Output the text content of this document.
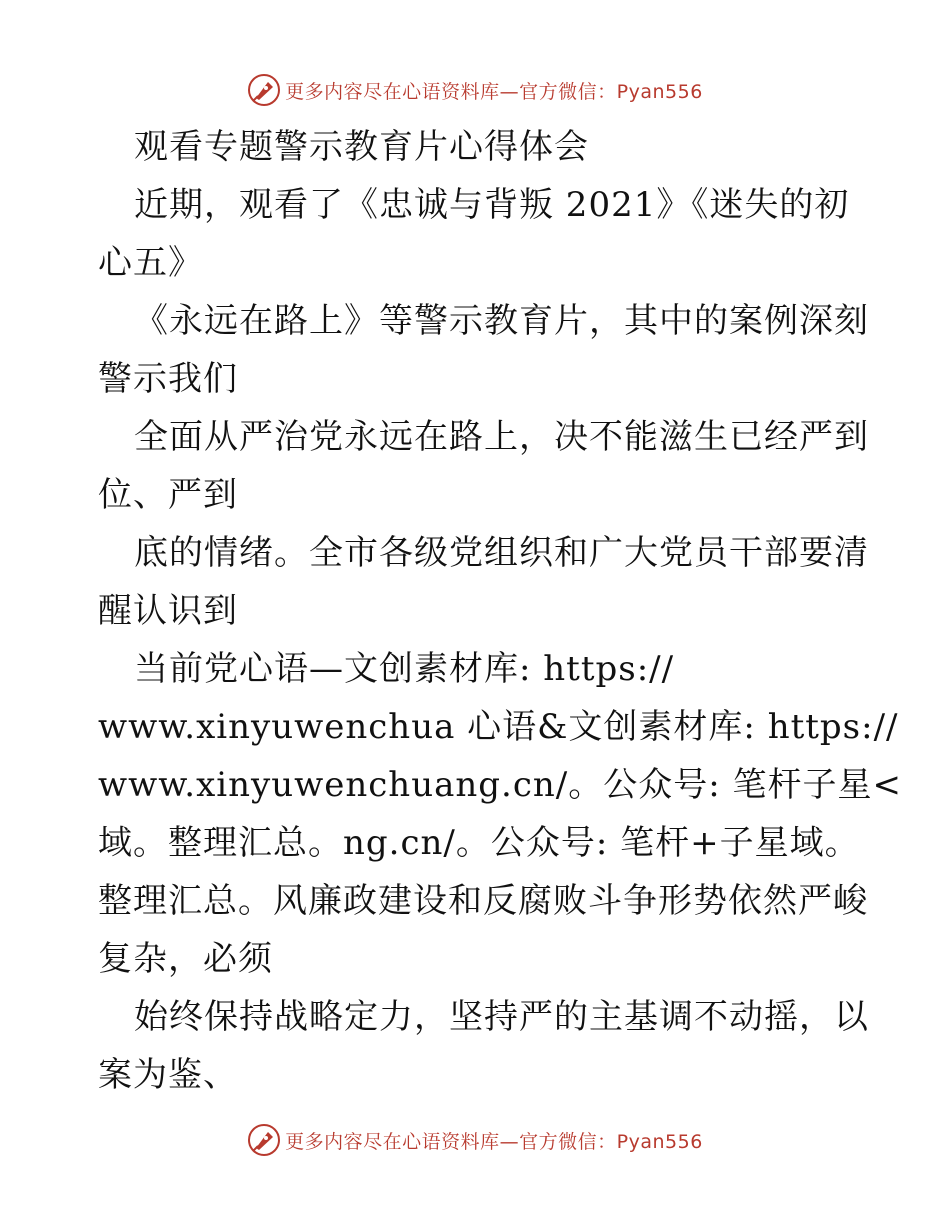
更多内容尽在心语资料库—官方微信：Pyan556
观看专题警示教育片心得体会
近期，观看了《忠诚与背叛 2021》《迷失的初
心五》
《永远在路上》等警示教育片，其中的案例深刻
警示我们
全面从严治党永远在路上，决不能滋生已经严到
位、严到
底的情绪。全市各级党组织和广大党员干部要清
醒认识到
当前党心语—文创素材库: https://
www.xinyuwenchua 心语&文创素材库: https://
www.xinyuwenchuang.cn/。公众号: 笔杆子星<
域。整理汇总。ng.cn/。公众号: 笔杆+子星域。
整理汇总。风廉政建设和反腐败斗争形势依然严峻
复杂，必须
始终保持战略定力，坚持严的主基调不动摇，以
案为鉴、
更多内容尽在心语资料库—官方微信：Pyan556
